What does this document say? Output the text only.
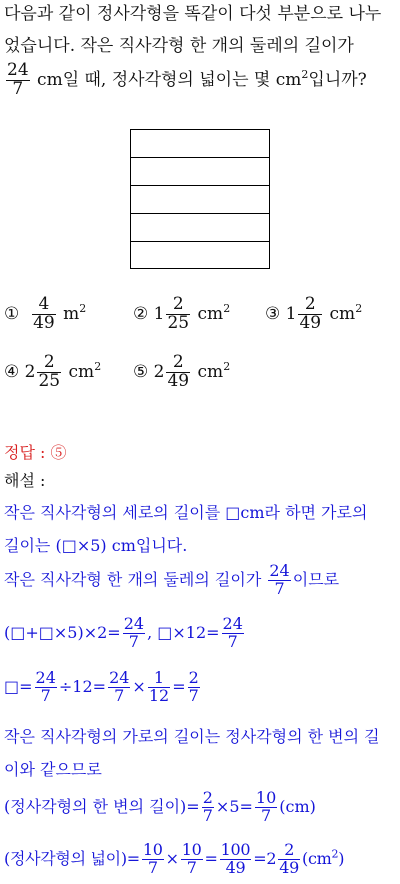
다음과 같이 정사각형을 똑같이 다섯 부분으로 나누
었습니다. 작은 직사각형 한 개의 둘레의 길이가
$\frac{24}{7}$ cm일 때, 정사각형의 넓이는 몇 $cm^2$입니까?
① $\frac{4}{49} m^2$	② $1 \frac{2}{25} cm^2$ ③ $1 \frac{2}{49} cm^2$
④ $2 \frac{2}{25} cm^2$ ⑤ $2 \frac{2}{49} cm^2$
정답 : ⑤
해설 :
작은 직사각형의 세로의 길이를 □cm라 하면 가로의
길이는 (□×5) cm입니다.
작은 직사각형 한 개의 둘레의 길이가 $\frac{24}{7}$ 이므로
(□+□×5)×2= $\frac{24}{7}$ , □×12= $\frac{24}{7}$
□= $\frac{24}{7} \div 12= \frac{24}{7} \times \frac{1}{12} = \frac{2}{7}$
작은 직사각형의 가로의 길이는 정사각형의 한 변의 길
이와 같으므로
(정사각형의 한 변의 길이)= $\frac{2}{7} \times 5= \frac{10}{7} (cm)$
(정사각형의 넓이)= $\frac{10}{7} \times \frac{10}{7} = \frac{100}{49} =2 \frac{2}{49} (cm^2)$
